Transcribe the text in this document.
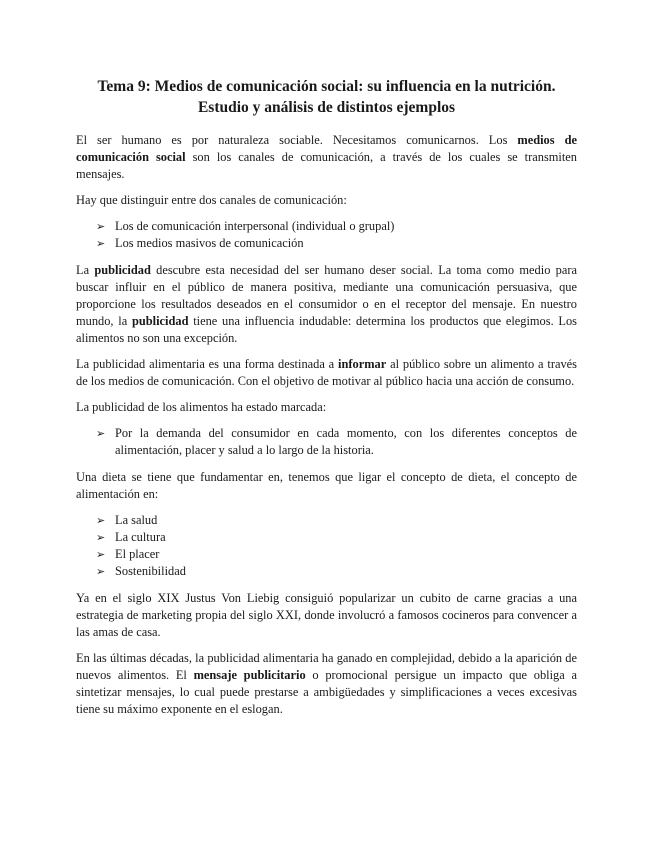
Tema 9: Medios de comunicación social: su influencia en la nutrición.
Estudio y análisis de distintos ejemplos

El ser humano es por naturaleza sociable. Necesitamos comunicarnos. Los medios de comunicación social son los canales de comunicación, a través de los cuales se transmiten mensajes.

Hay que distinguir entre dos canales de comunicación:

➢ Los de comunicación interpersonal (individual o grupal)
➢ Los medios masivos de comunicación

La publicidad descubre esta necesidad del ser humano deser social. La toma como medio para buscar influir en el público de manera positiva, mediante una comunicación persuasiva, que proporcione los resultados deseados en el consumidor o en el receptor del mensaje. En nuestro mundo, la publicidad tiene una influencia indudable: determina los productos que elegimos. Los alimentos no son una excepción.

La publicidad alimentaria es una forma destinada a informar al público sobre un alimento a través de los medios de comunicación. Con el objetivo de motivar al público hacia una acción de consumo.

La publicidad de los alimentos ha estado marcada:

➢ Por la demanda del consumidor en cada momento, con los diferentes conceptos de alimentación, placer y salud a lo largo de la historia.

Una dieta se tiene que fundamentar en, tenemos que ligar el concepto de dieta, el concepto de alimentación en:

➢ La salud
➢ La cultura
➢ El placer
➢ Sostenibilidad

Ya en el siglo XIX Justus Von Liebig consiguió popularizar un cubito de carne gracias a una estrategia de marketing propia del siglo XXI, donde involucró a famosos cocineros para convencer a las amas de casa.

En las últimas décadas, la publicidad alimentaria ha ganado en complejidad, debido a la aparición de nuevos alimentos. El mensaje publicitario o promocional persigue un impacto que obliga a sintetizar mensajes, lo cual puede prestarse a ambigüedades y simplificaciones a veces excesivas tiene su máximo exponente en el eslogan.
